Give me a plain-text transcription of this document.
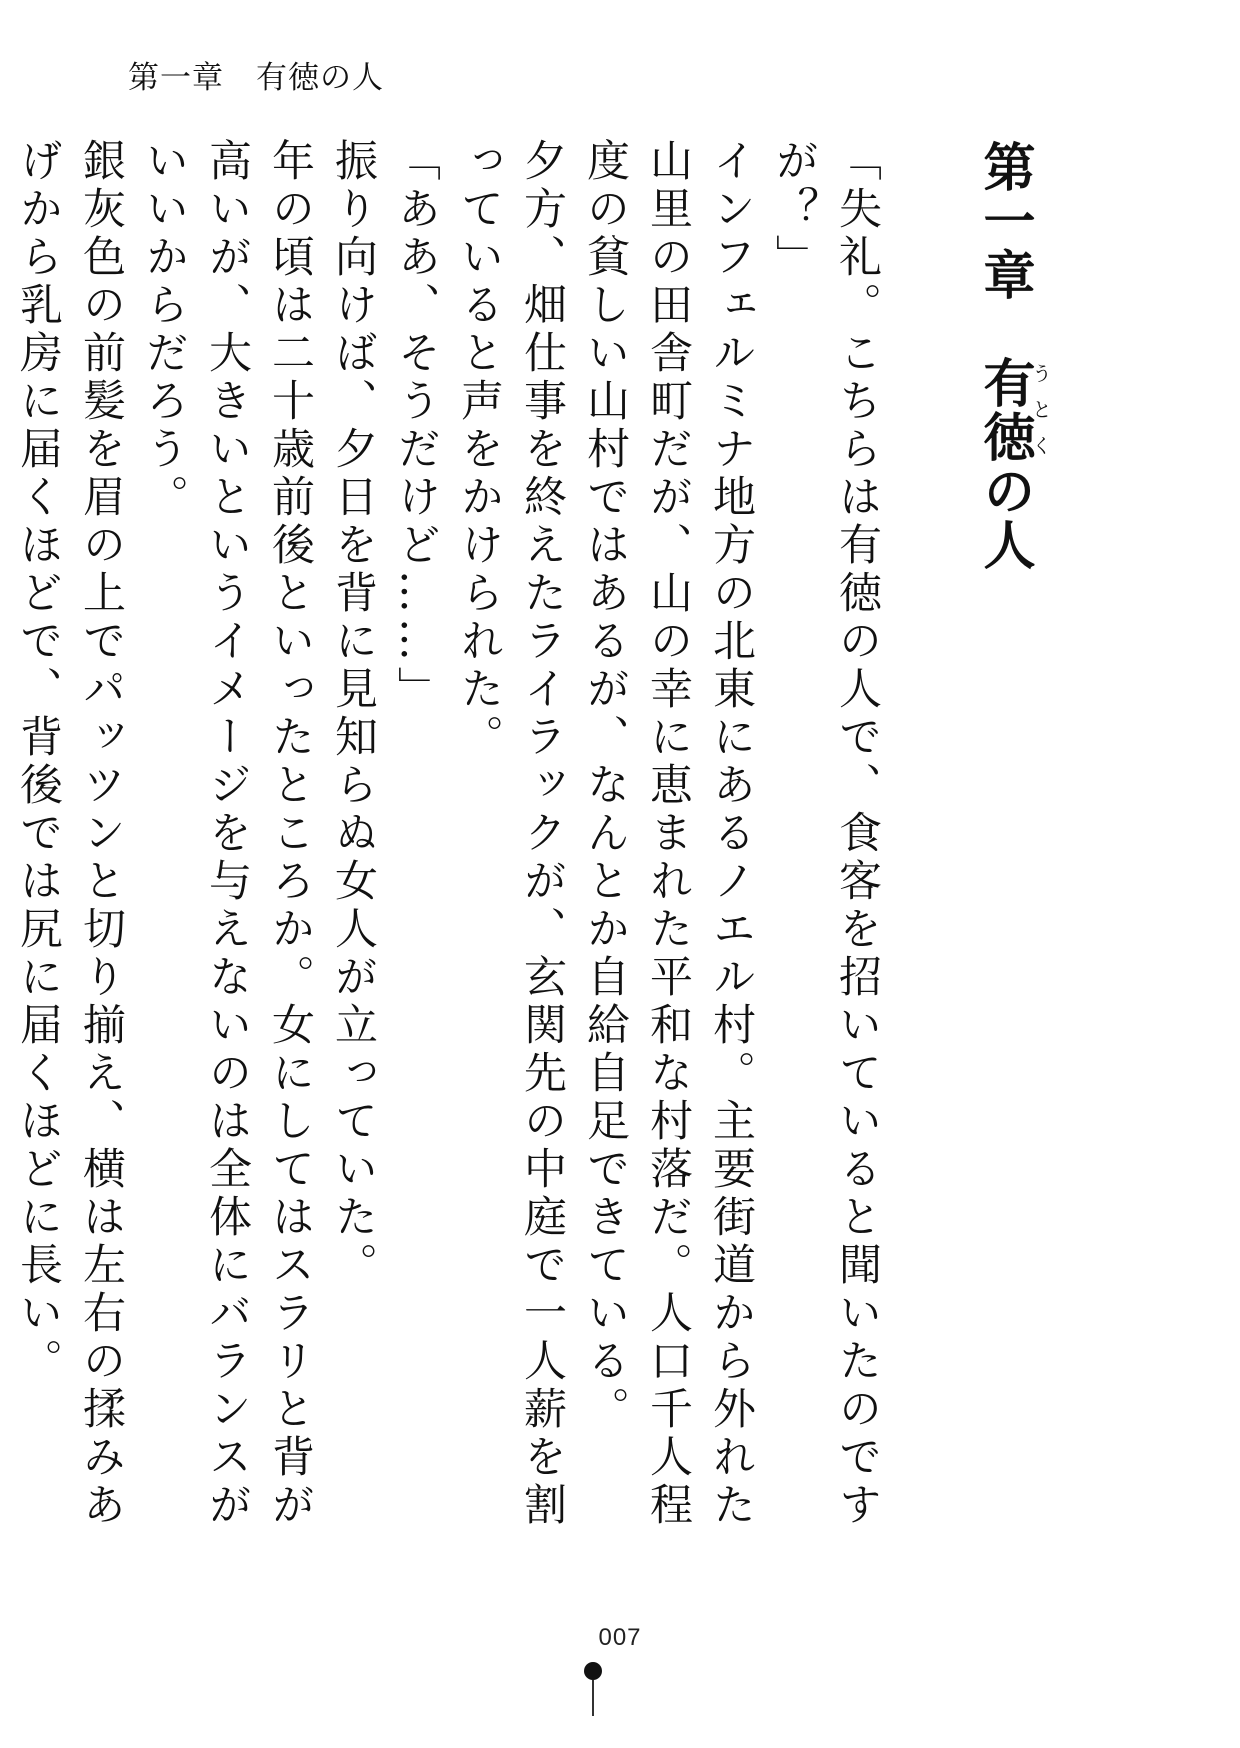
第一章　有徳の人
第一章　有徳うとくの人

「失礼。こちらは有徳の人で、食客を招いていると聞いたのですが？」

インフェルミナ地方の北東にあるノエル村。主要街道から外れた山里の田舎町だが、山の幸に恵まれた平和な村落だ。人口千人程度の貧しい山村ではあるが、なんとか自給自足できている。

夕方、畑仕事を終えたライラックが、玄関先の中庭で一人薪を割っていると声をかけられた。

「ああ、そうだけど……」

振り向けば、夕日を背に見知らぬ女人が立っていた。

年の頃は二十歳前後といったところか。女にしてはスラリと背が高いが、大きいというイメージを与えないのは全体にバランスがいいからだろう。

銀灰色の前髪を眉の上でパッツンと切り揃え、横は左右の揉みあげから乳房に届くほどで、背後では尻に届くほどに長い。

007
